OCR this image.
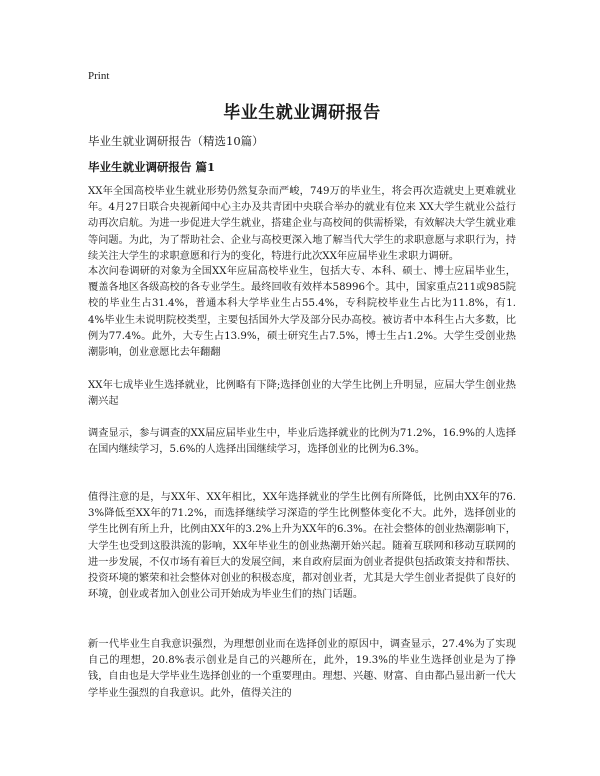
Print
毕业生就业调研报告

毕业生就业调研报告（精选10篇）

毕业生就业调研报告 篇1

XX年全国高校毕业生就业形势仍然复杂而严峻，749万的毕业生，将会再次造就史上更难就业年。4月27日联合央视新闻中心主办及共青团中央联合举办的就业有位来 XX大学生就业公益行动再次启航。为进一步促进大学生就业，搭建企业与高校间的供需桥梁，有效解决大学生就业难等问题。为此，为了帮助社会、企业与高校更深入地了解当代大学生的求职意愿与求职行为，持续关注大学生的求职意愿和行为的变化，特进行此次XX年应届毕业生求职力调研。

本次问卷调研的对象为全国XX年应届高校毕业生，包括大专、本科、硕士、博士应届毕业生，覆盖各地区各级高校的各专业学生。最终回收有效样本58996个。其中，国家重点211或985院校的毕业生占31.4%，普通本科大学毕业生占55.4%，专科院校毕业生占比为11.8%，有1.4%毕业生未说明院校类型，主要包括国外大学及部分民办高校。被访者中本科生占大多数，比例为77.4%。此外，大专生占13.9%，硕士研究生占7.5%，博士生占1.2%。大学生受创业热潮影响，创业意愿比去年翻翻

XX年七成毕业生选择就业，比例略有下降;选择创业的大学生比例上升明显，应届大学生创业热潮兴起

调查显示，参与调查的XX届应届毕业生中，毕业后选择就业的比例为71.2%，16.9%的人选择在国内继续学习，5.6%的人选择出国继续学习，选择创业的比例为6.3%。

值得注意的是，与XX年、XX年相比，XX年选择就业的学生比例有所降低，比例由XX年的76.3%降低至XX年的71.2%，而选择继续学习深造的学生比例整体变化不大。此外，选择创业的学生比例有所上升，比例由XX年的3.2%上升为XX年的6.3%。在社会整体的创业热潮影响下，大学生也受到这股洪流的影响，XX年毕业生的创业热潮开始兴起。随着互联网和移动互联网的进一步发展，不仅市场有着巨大的发展空间，来自政府层面为创业者提供包括政策支持和帮扶、投资环境的繁荣和社会整体对创业的积极态度，都对创业者，尤其是大学生创业者提供了良好的环境，创业或者加入创业公司开始成为毕业生们的热门话题。

新一代毕业生自我意识强烈，为理想创业而在选择创业的原因中，调查显示，27.4%为了实现自己的理想，20.8%表示创业是自己的兴趣所在，此外，19.3%的毕业生选择创业是为了挣钱，自由也是大学毕业生选择创业的一个重要理由。理想、兴趣、财富、自由都凸显出新一代大学毕业生强烈的自我意识。此外，值得关注的
